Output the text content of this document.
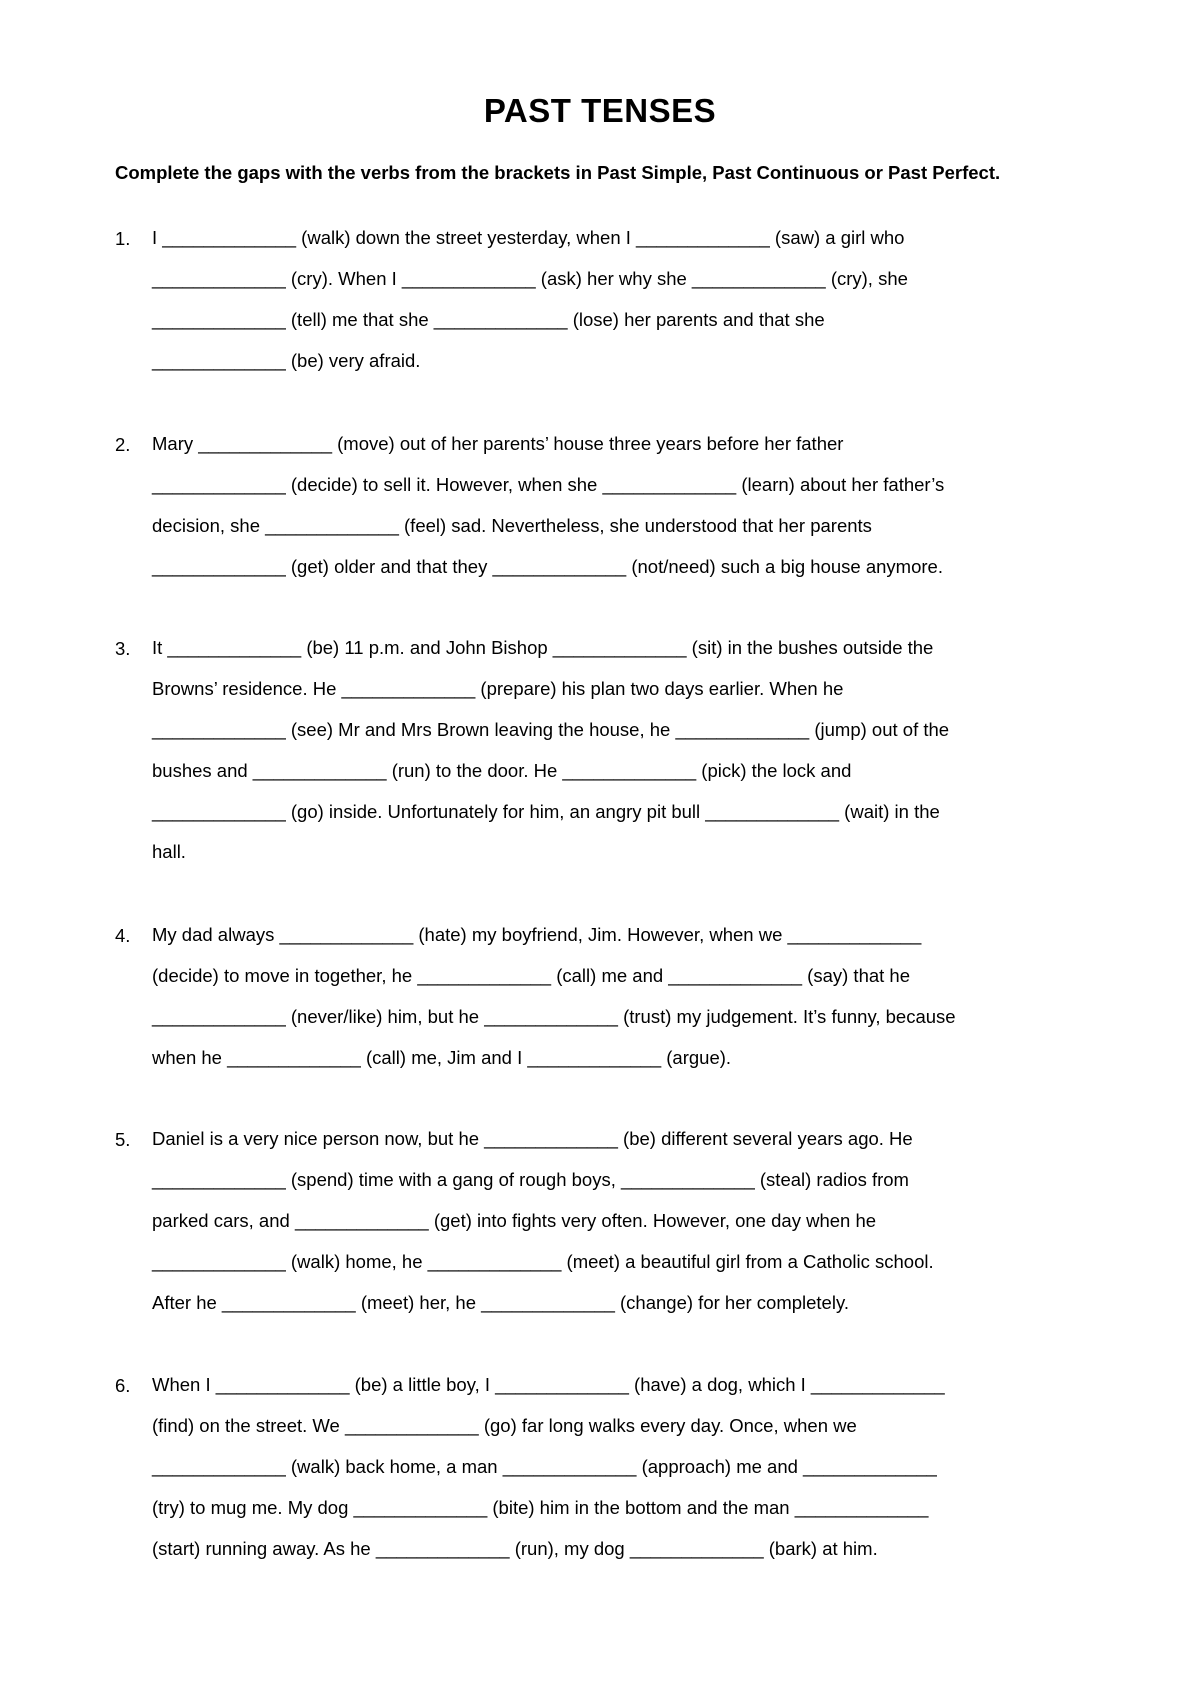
PAST TENSES
Complete the gaps with the verbs from the brackets in Past Simple, Past Continuous or Past Perfect.
1. I _____________ (walk) down the street yesterday, when I _____________ (saw) a girl who
_____________ (cry). When I _____________ (ask) her why she _____________ (cry), she
_____________ (tell) me that she _____________ (lose) her parents and that she
_____________ (be) very afraid.
2. Mary _____________ (move) out of her parents’ house three years before her father
_____________ (decide) to sell it. However, when she _____________ (learn) about her father’s
decision, she _____________ (feel) sad. Nevertheless, she understood that her parents
_____________ (get) older and that they _____________ (not/need) such a big house anymore.
3. It _____________ (be) 11 p.m. and John Bishop _____________ (sit) in the bushes outside the
Browns’ residence. He _____________ (prepare) his plan two days earlier. When he
_____________ (see) Mr and Mrs Brown leaving the house, he _____________ (jump) out of the
bushes and _____________ (run) to the door. He _____________ (pick) the lock and
_____________ (go) inside. Unfortunately for him, an angry pit bull _____________ (wait) in the
hall.
4. My dad always _____________ (hate) my boyfriend, Jim. However, when we _____________
(decide) to move in together, he _____________ (call) me and _____________ (say) that he
_____________ (never/like) him, but he _____________ (trust) my judgement. It’s funny, because
when he _____________ (call) me, Jim and I _____________ (argue).
5. Daniel is a very nice person now, but he _____________ (be) different several years ago. He
_____________ (spend) time with a gang of rough boys, _____________ (steal) radios from
parked cars, and _____________ (get) into fights very often. However, one day when he
_____________ (walk) home, he _____________ (meet) a beautiful girl from a Catholic school.
After he _____________ (meet) her, he _____________ (change) for her completely.
6. When I _____________ (be) a little boy, I _____________ (have) a dog, which I _____________
(find) on the street. We _____________ (go) far long walks every day. Once, when we
_____________ (walk) back home, a man _____________ (approach) me and _____________
(try) to mug me. My dog _____________ (bite) him in the bottom and the man _____________
(start) running away. As he _____________ (run), my dog _____________ (bark) at him.
